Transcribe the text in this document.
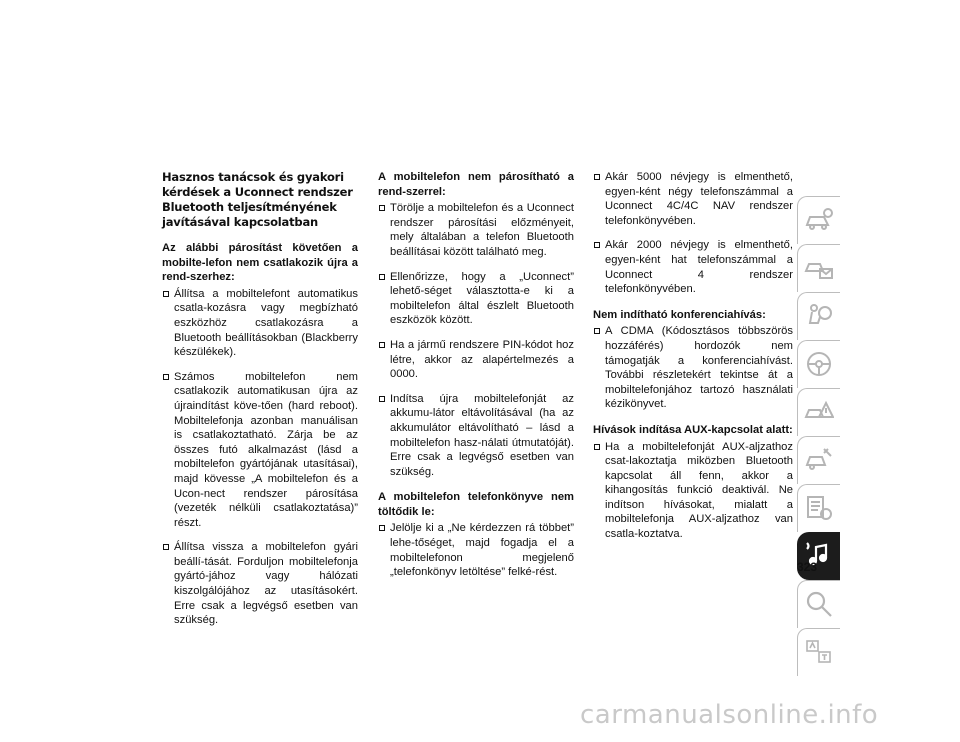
Hasznos tanácsok és gyakori kérdések a Uconnect rendszer Bluetooth teljesítményének javításával kapcsolatban
Az alábbi párosítást követően a mobilte-lefon nem csatlakozik újra a rend-szerhez:
Állítsa a mobiltelefont automatikus csatla-kozásra vagy megbízható eszközhöz csatlakozásra a Bluetooth beállításokban (Blackberry készülékek).
Számos mobiltelefon nem csatlakozik automatikusan újra az újraindítást köve-tően (hard reboot). Mobiltelefonja azonban manuálisan is csatlakoztatható. Zárja be az összes futó alkalmazást (lásd a mobiltelefon gyártójának utasításai), majd kövesse „A mobiltelefon és a Ucon-nect rendszer párosítása (vezeték nélküli csatlakoztatása)” részt.
Állítsa vissza a mobiltelefon gyári beállí-tását. Forduljon mobiltelefonja gyártó-jához vagy hálózati kiszolgálójához az utasításokért. Erre csak a legvégső esetben van szükség.
A mobiltelefon nem párosítható a rend-szerrel:
Törölje a mobiltelefon és a Uconnect rendszer párosítási előzményeit, mely általában a telefon Bluetooth beállításai között található meg.
Ellenőrizze, hogy a „Uconnect” lehető-séget választotta-e ki a mobiltelefon által észlelt Bluetooth eszközök között.
Ha a jármű rendszere PIN-kódot hoz létre, akkor az alapértelmezés a 0000.
Indítsa újra mobiltelefonját az akkumu-látor eltávolításával (ha az akkumulátor eltávolítható – lásd a mobiltelefon hasz-nálati útmutatóját). Erre csak a legvégső esetben van szükség.
A mobiltelefon telefonkönyve nem töltődik le:
Jelölje ki a „Ne kérdezzen rá többet” lehe-tőséget, majd fogadja el a mobiltelefonon megjelenő „telefonkönyv letöltése” felké-rést.
Akár 5000 névjegy is elmenthető, egyen-ként négy telefonszámmal a Uconnect 4C/4C NAV rendszer telefonkönyvében.
Akár 2000 névjegy is elmenthető, egyen-ként hat telefonszámmal a Uconnect 4 rendszer telefonkönyvében.
Nem indítható konferenciahívás:
A CDMA (Kódosztásos többszörös hozzáférés) hordozók nem támogatják a konferenciahívást. További részletekért tekintse át a mobiltelefonjához tartozó használati kézikönyvet.
Hívások indítása AUX-kapcsolat alatt:
Ha a mobiltelefonját AUX-aljzathoz csat-lakoztatja miközben Bluetooth kapcsolat áll fenn, akkor a kihangosítás funkció deaktivál. Ne indítson hívásokat, mialatt a mobiltelefonja AUX-aljzathoz van csatla-koztatva.
323
carmanualsonline.info
